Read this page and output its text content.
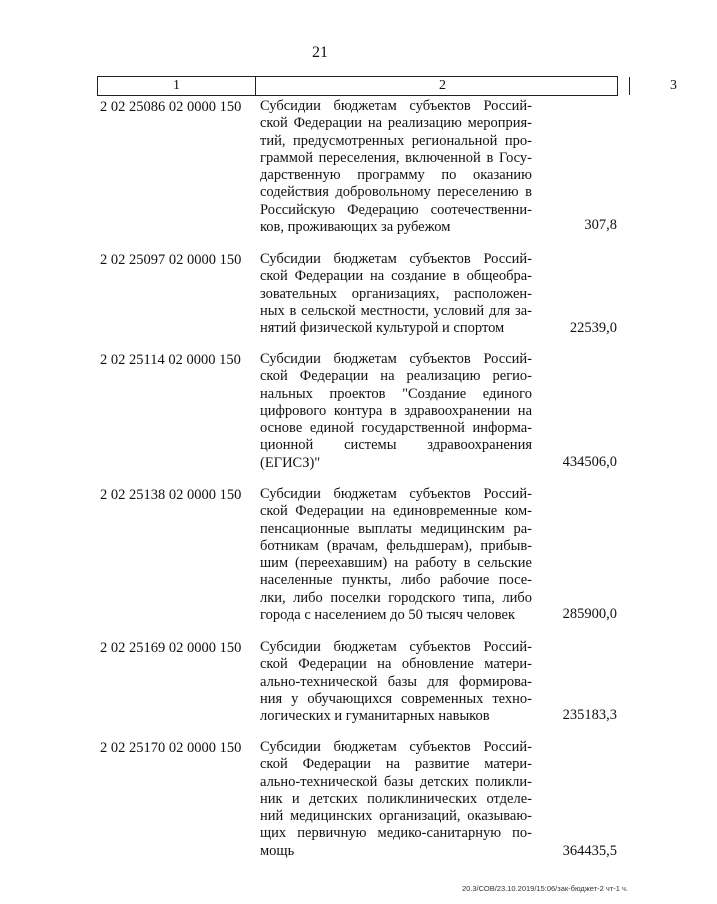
21
1	2	3
2 02 25086 02 0000 150 Субсидии бюджетам субъектов Россий-
ской Федерации на реализацию мероприя-
тий, предусмотренных региональной про-
граммой переселения, включенной в Госу-
дарственную программу по оказанию
содействия добровольному переселению в
Российскую Федерацию соотечественни-
ков, проживающих за рубежом	307,8
2 02 25097 02 0000 150 Субсидии бюджетам субъектов Россий-
ской Федерации на создание в общеобра-
зовательных организациях, расположен-
ных в сельской местности, условий для за-
нятий физической культурой и спортом	22539,0
2 02 25114 02 0000 150 Субсидии бюджетам субъектов Россий-
ской Федерации на реализацию регио-
нальных проектов "Создание единого
цифрового контура в здравоохранении на
основе единой государственной информа-
ционной системы здравоохранения
(ЕГИСЗ)"	434506,0
2 02 25138 02 0000 150 Субсидии бюджетам субъектов Россий-
ской Федерации на единовременные ком-
пенсационные выплаты медицинским ра-
ботникам (врачам, фельдшерам), прибыв-
шим (переехавшим) на работу в сельские
населенные пункты, либо рабочие посе-
лки, либо поселки городского типа, либо
города с населением до 50 тысяч человек	285900,0
2 02 25169 02 0000 150 Субсидии бюджетам субъектов Россий-
ской Федерации на обновление матери-
ально-технической базы для формирова-
ния у обучающихся современных техно-
логических и гуманитарных навыков	235183,3
2 02 25170 02 0000 150 Субсидии бюджетам субъектов Россий-
ской Федерации на развитие матери-
ально-технической базы детских поликли-
ник и детских поликлинических отделе-
ний медицинских организаций, оказываю-
щих первичную медико-санитарную по-
мощь	364435,5
20.3/СОВ/23.10.2019/15:06/зак-бюджет-2 чт-1 ч.
